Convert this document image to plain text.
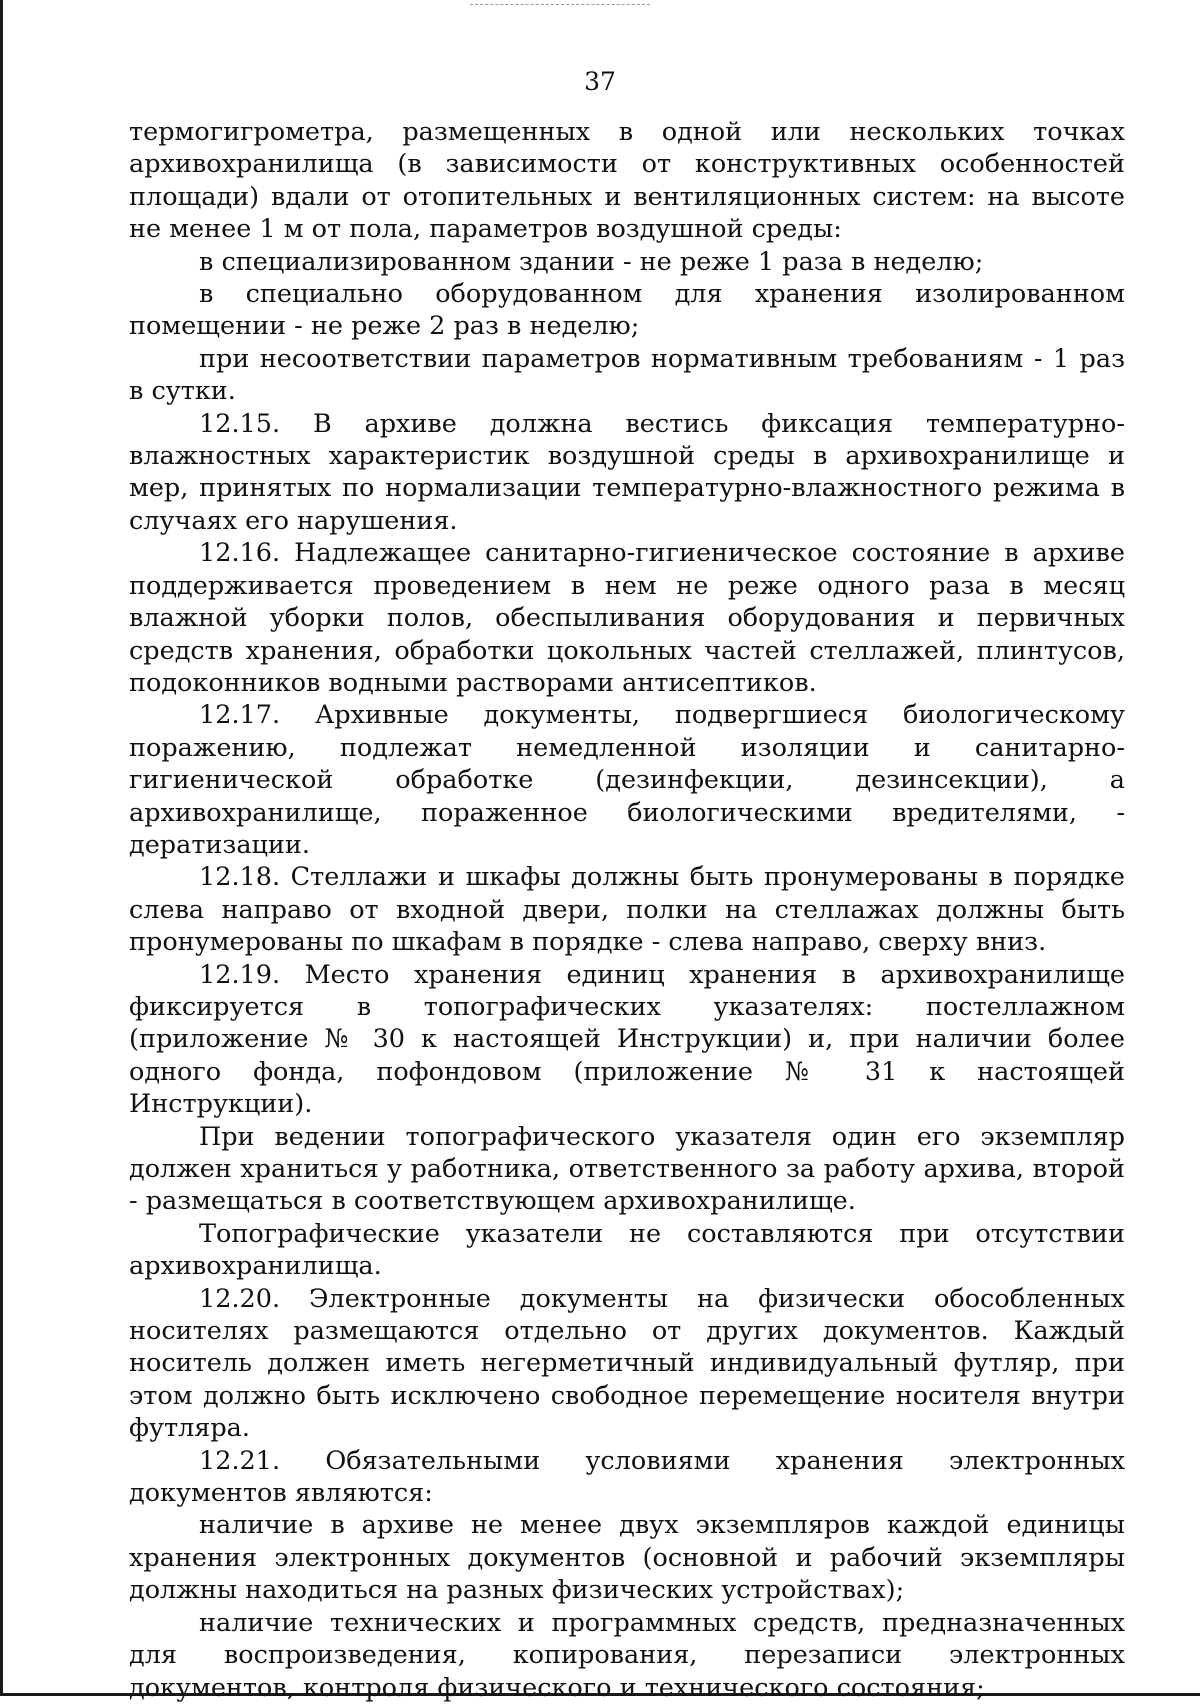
37

термогигрометра, размещенных в одной или нескольких точках архивохранилища (в зависимости от конструктивных особенностей площади) вдали от отопительных и вентиляционных систем: на высоте не менее 1 м от пола, параметров воздушной среды:

в специализированном здании - не реже 1 раза в неделю;

в специально оборудованном для хранения изолированном помещении - не реже 2 раз в неделю;

при несоответствии параметров нормативным требованиям - 1 раз в сутки.

12.15. В архиве должна вестись фиксация температурно-влажностных характеристик воздушной среды в архивохранилище и мер, принятых по нормализации температурно-влажностного режима в случаях его нарушения.

12.16. Надлежащее санитарно-гигиеническое состояние в архиве поддерживается проведением в нем не реже одного раза в месяц влажной уборки полов, обеспыливания оборудования и первичных средств хранения, обработки цокольных частей стеллажей, плинтусов, подоконников водными растворами антисептиков.

12.17. Архивные документы, подвергшиеся биологическому поражению, подлежат немедленной изоляции и санитарно-гигиенической обработке (дезинфекции, дезинсекции), а архивохранилище, пораженное биологическими вредителями, - дератизации.

12.18. Стеллажи и шкафы должны быть пронумерованы в порядке слева направо от входной двери, полки на стеллажах должны быть пронумерованы по шкафам в порядке - слева направо, сверху вниз.

12.19. Место хранения единиц хранения в архивохранилище фиксируется в топографических указателях: постеллажном (приложение № 30 к настоящей Инструкции) и, при наличии более одного фонда, пофондовом (приложение № 31 к настоящей Инструкции).

При ведении топографического указателя один его экземпляр должен храниться у работника, ответственного за работу архива, второй - размещаться в соответствующем архивохранилище.

Топографические указатели не составляются при отсутствии архивохранилища.

12.20. Электронные документы на физически обособленных носителях размещаются отдельно от других документов. Каждый носитель должен иметь негерметичный индивидуальный футляр, при этом должно быть исключено свободное перемещение носителя внутри футляра.

12.21. Обязательными условиями хранения электронных документов являются:

наличие в архиве не менее двух экземпляров каждой единицы хранения электронных документов (основной и рабочий экземпляры должны находиться на разных физических устройствах);

наличие технических и программных средств, предназначенных для воспроизведения, копирования, перезаписи электронных документов, контроля физического и технического состояния;
